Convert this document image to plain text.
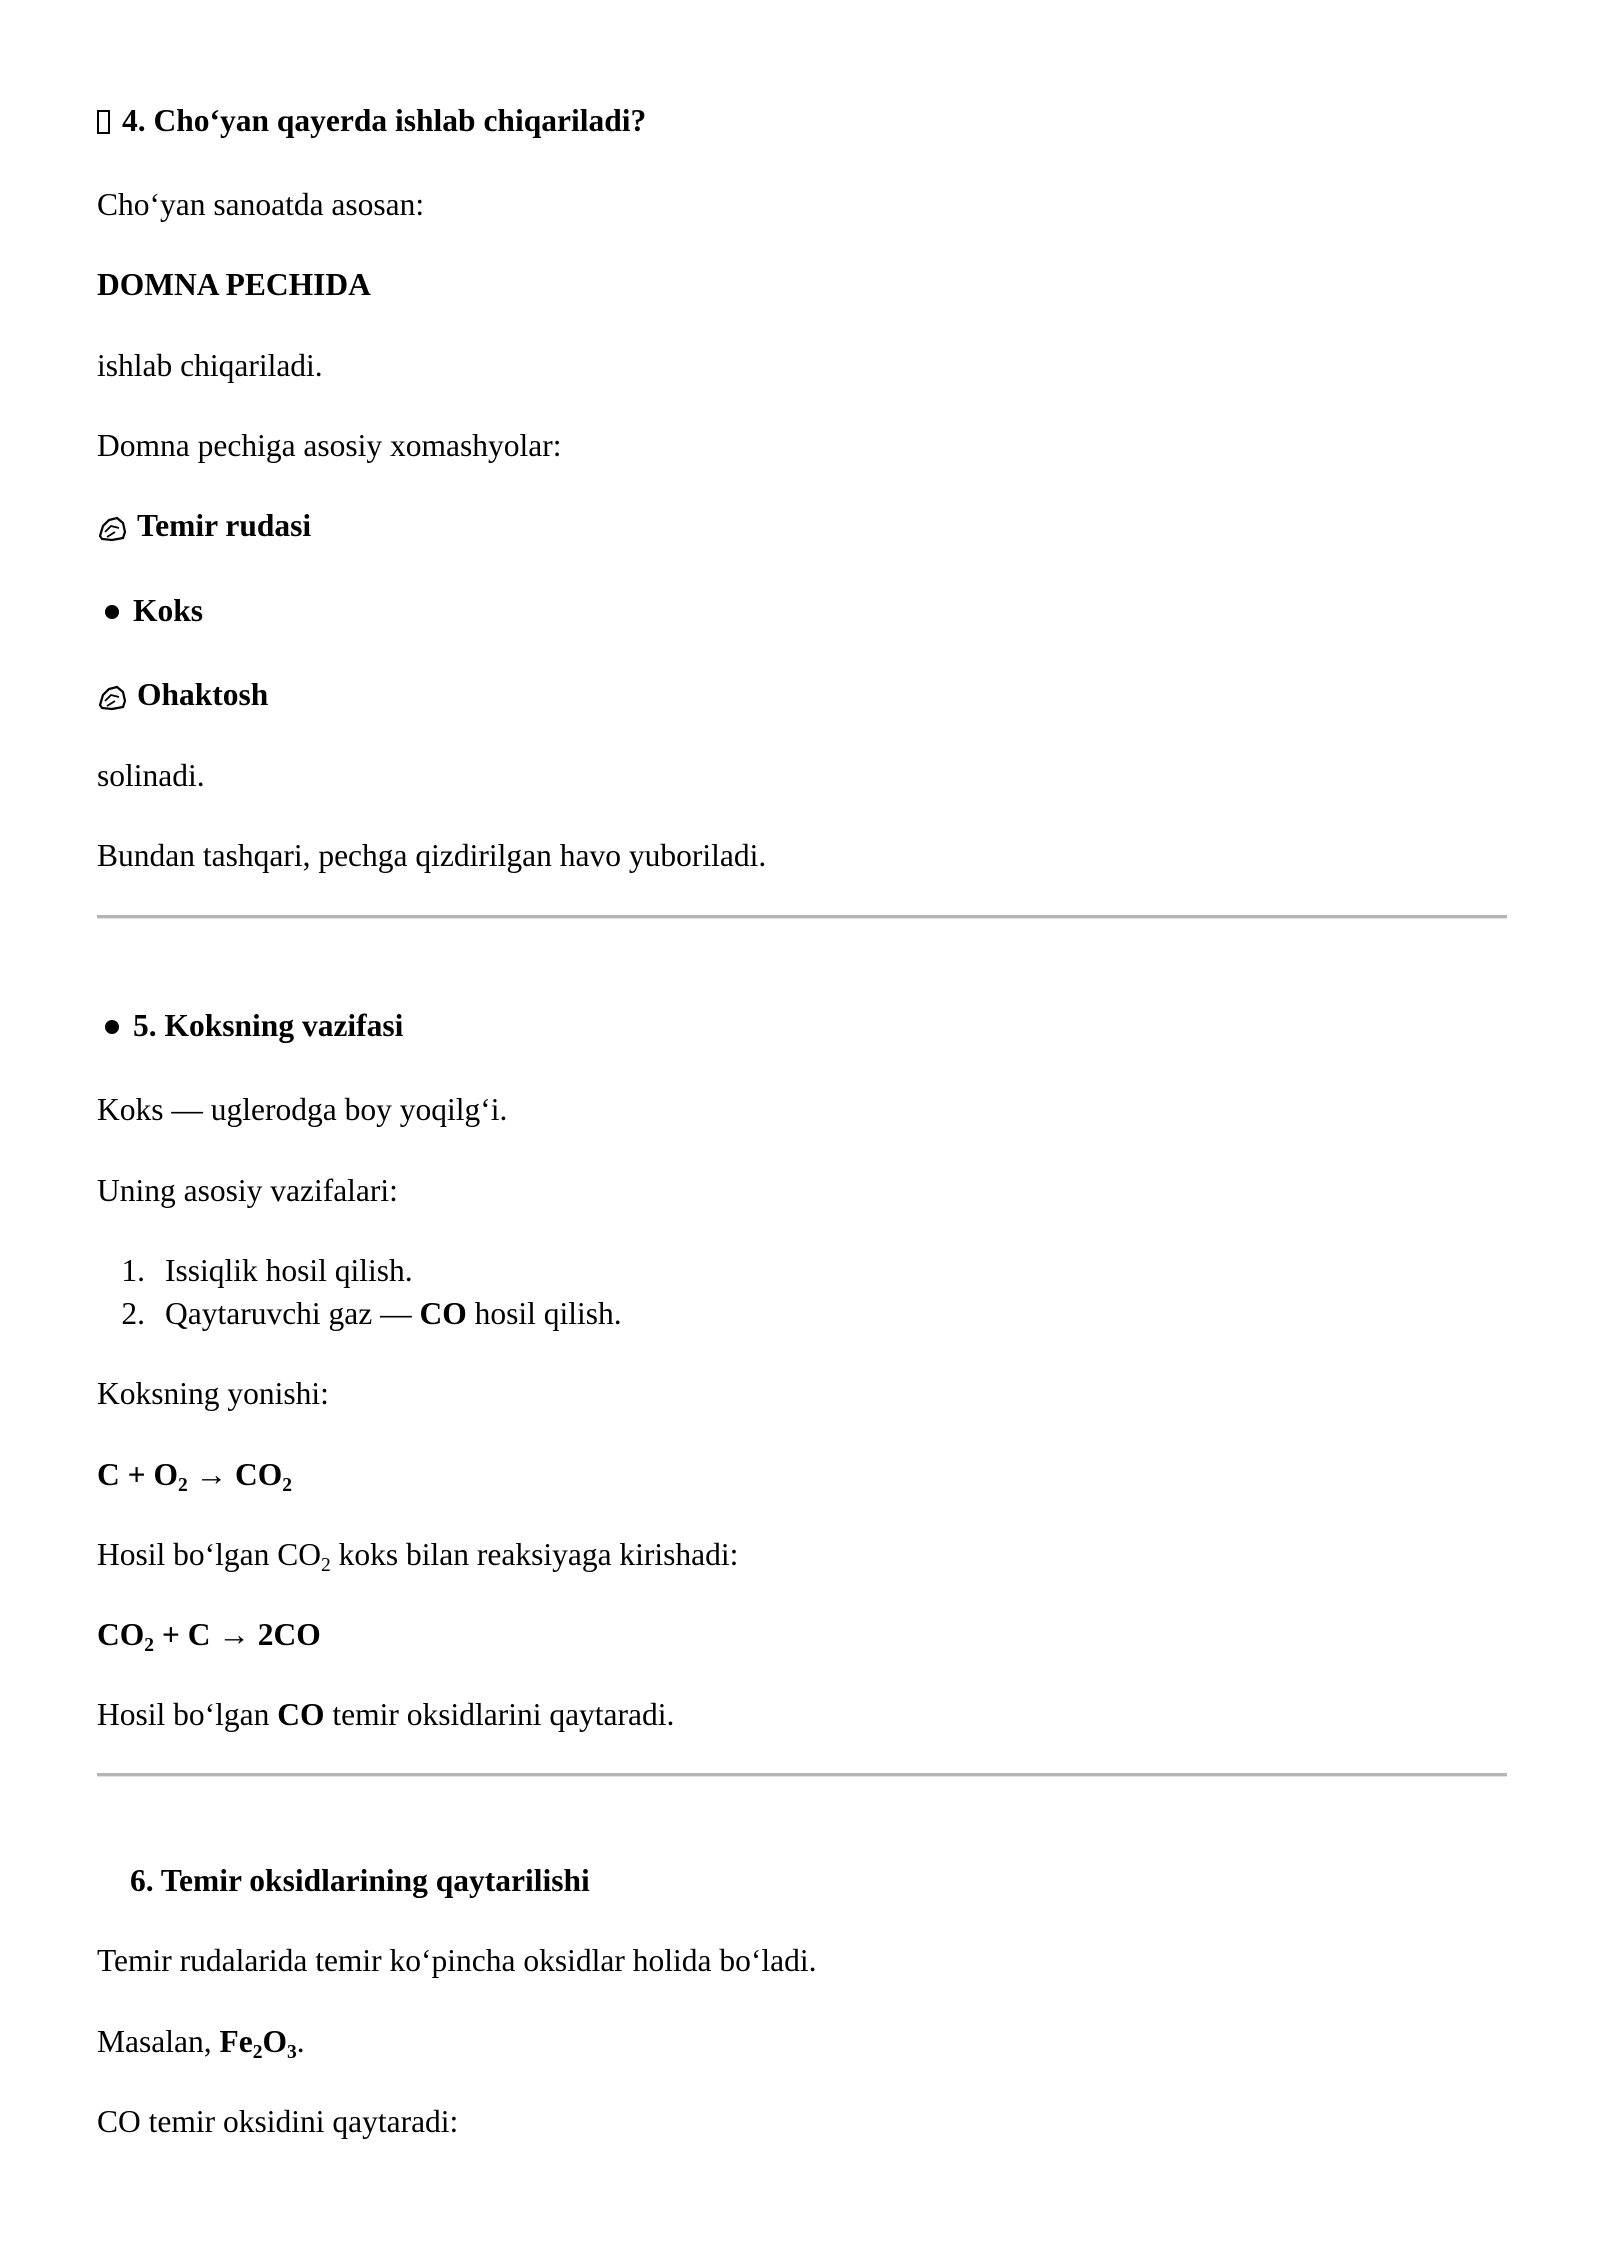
4. Cho‘yan qayerda ishlab chiqariladi?
Cho‘yan sanoatda asosan:
DOMNA PECHIDA
ishlab chiqariladi.
Domna pechiga asosiy xomashyolar:
Temir rudasi
Koks
Ohaktosh
solinadi.
Bundan tashqari, pechga qizdirilgan havo yuboriladi.
5. Koksning vazifasi
Koks — uglerodga boy yoqilg‘i.
Uning asosiy vazifalari:
1. Issiqlik hosil qilish.
2. Qaytaruvchi gaz — CO hosil qilish.
Koksning yonishi:
$C + O_2 \to CO_2$
Hosil bo‘lgan $CO_2$ koks bilan reaksiyaga kirishadi:
$CO_2 + C \to 2CO$
Hosil bo‘lgan CO temir oksidlarini qaytaradi.
6. Temir oksidlarining qaytarilishi
Temir rudalarida temir ko‘pincha oksidlar holida bo‘ladi.
Masalan, $Fe_2O_3$.
CO temir oksidini qaytaradi:
